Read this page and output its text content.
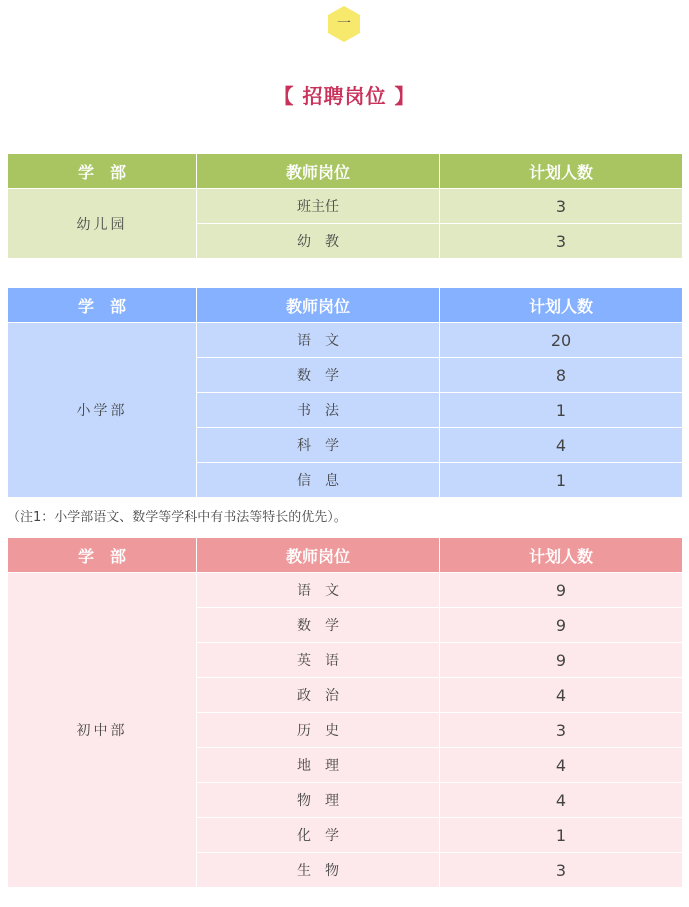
一
【 招聘岗位 】
学　部	教师岗位	计划人数
幼儿园	班主任	3
	幼　教	3
学　部	教师岗位	计划人数
小学部	语　文	20
	数　学	8
	书　法	1
	科　学	4
	信　息	1
（注1：小学部语文、数学等学科中有书法等特长的优先）。
学　部	教师岗位	计划人数
初中部	语　文	9
	数　学	9
	英　语	9
	政　治	4
	历　史	3
	地　理	4
	物　理	4
	化　学	1
	生　物	3
